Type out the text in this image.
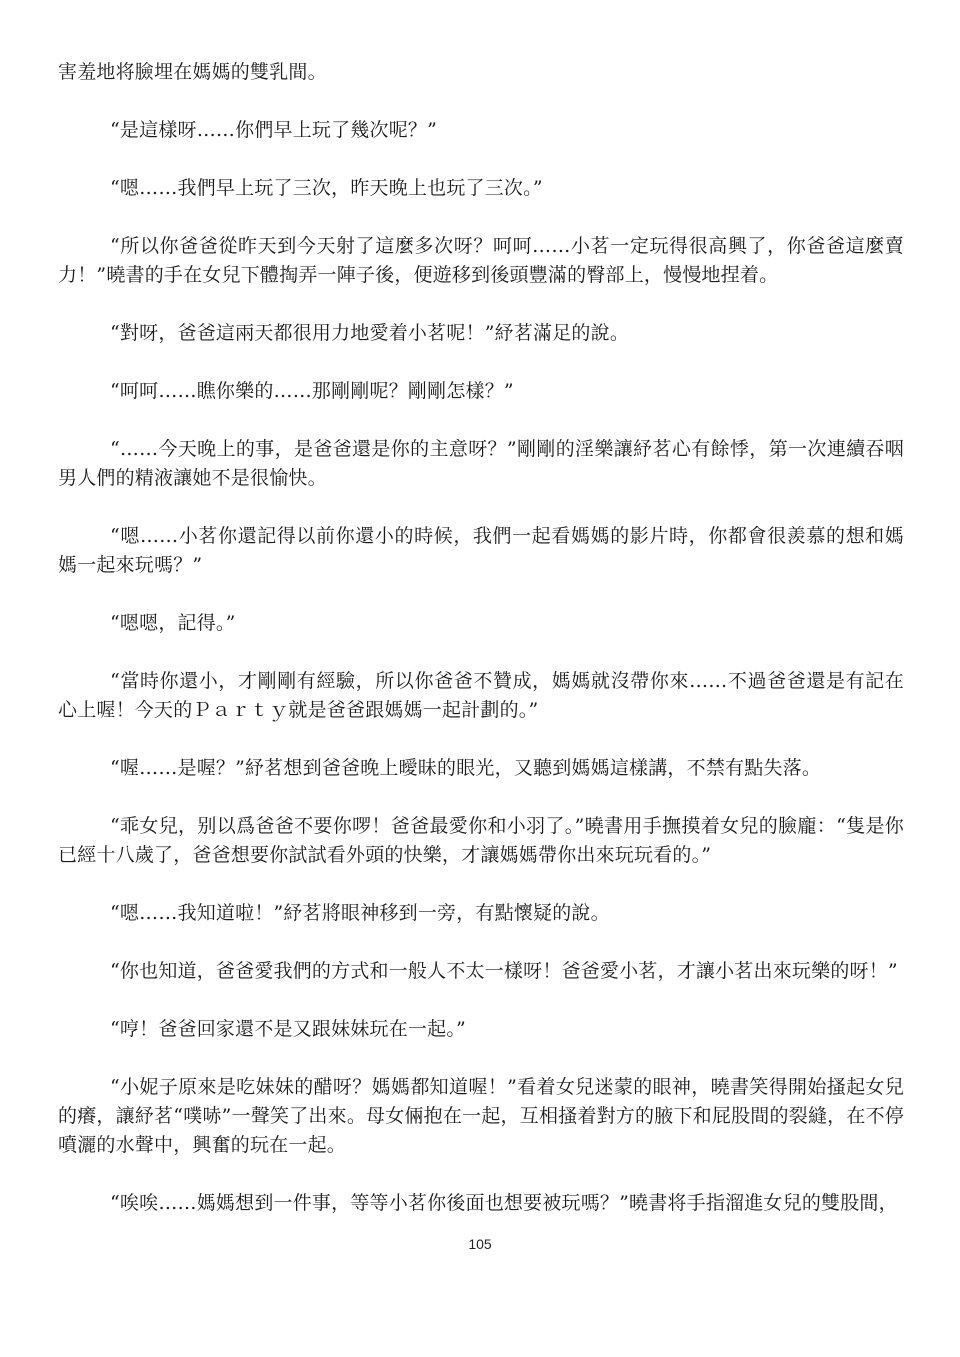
害羞地将臉埋在媽媽的雙乳間。

“是這樣呀……你們早上玩了幾次呢？”

“嗯……我們早上玩了三次，昨天晚上也玩了三次。”

“所以你爸爸從昨天到今天射了這麼多次呀？呵呵……小茗一定玩得很高興了，你爸爸這麼賣力！”曉書的手在女兒下體掏弄一陣子後，便遊移到後頭豐滿的臀部上，慢慢地捏着。

“對呀，爸爸這兩天都很用力地愛着小茗呢！”紓茗滿足的說。

“呵呵……瞧你樂的……那剛剛呢？剛剛怎樣？”

“……今天晚上的事，是爸爸還是你的主意呀？”剛剛的淫樂讓紓茗心有餘悸，第一次連續吞咽男人們的精液讓她不是很愉快。

“嗯……小茗你還記得以前你還小的時候，我們一起看媽媽的影片時，你都會很羨慕的想和媽媽一起來玩嗎？”

“嗯嗯，記得。”

“當時你還小，才剛剛有經驗，所以你爸爸不贊成，媽媽就沒帶你來……不過爸爸還是有記在心上喔！今天的Ｐａｒｔｙ就是爸爸跟媽媽一起計劃的。”

“喔……是喔？”紓茗想到爸爸晚上曖昧的眼光，又聽到媽媽這樣講，不禁有點失落。

“乖女兒，别以爲爸爸不要你啰！爸爸最愛你和小羽了。”曉書用手撫摸着女兒的臉龐：“隻是你已經十八歲了，爸爸想要你試試看外頭的快樂，才讓媽媽帶你出來玩玩看的。”

“嗯……我知道啦！”紓茗將眼神移到一旁，有點懷疑的說。

“你也知道，爸爸愛我們的方式和一般人不太一樣呀！爸爸愛小茗，才讓小茗出來玩樂的呀！”

“哼！爸爸回家還不是又跟妹妹玩在一起。”

“小妮子原來是吃妹妹的醋呀？媽媽都知道喔！”看着女兒迷蒙的眼神，曉書笑得開始搔起女兒的癢，讓紓茗“噗哧”一聲笑了出來。母女倆抱在一起，互相搔着對方的腋下和屁股間的裂縫，在不停噴灑的水聲中，興奮的玩在一起。

“唉唉……媽媽想到一件事，等等小茗你後面也想要被玩嗎？”曉書将手指溜進女兒的雙股間，

105
